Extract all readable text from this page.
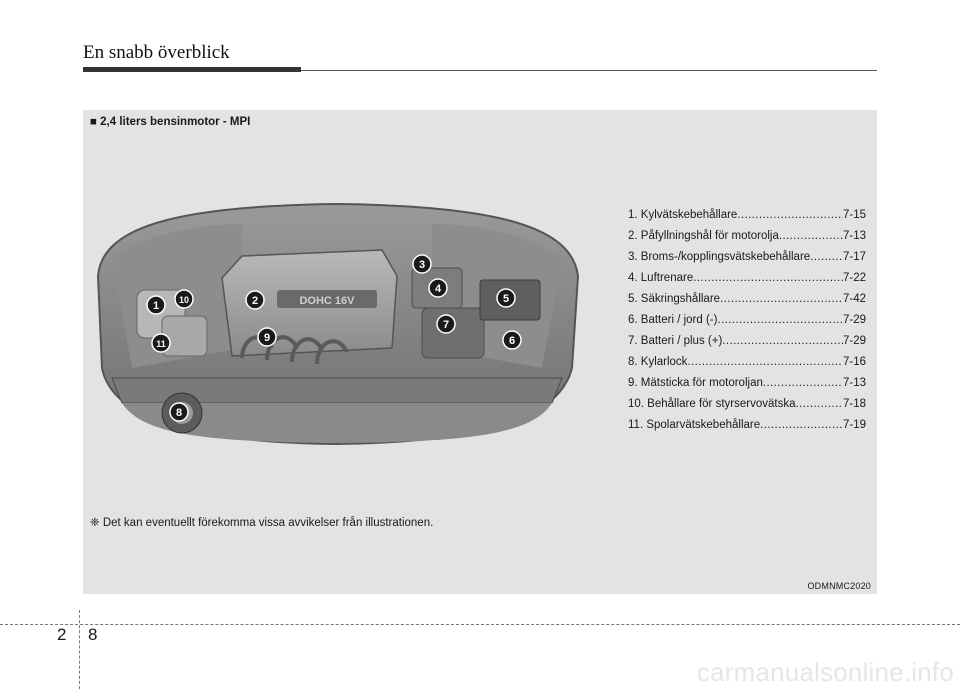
En snabb överblick
■ 2,4 liters bensinmotor - MPI
DOHC 16V
1	2
3
4
5
6
7
8
9
10
11
1. Kylvätskebehållare .....	7-15
2. Påfyllningshål för motorolja .....	7-13
3. Broms-/kopplingsvätskebehållare .....	7-17
4. Luftrenare .....	7-22
5. Säkringshållare .....	7-42
6. Batteri / jord (-) .....	7-29
7. Batteri / plus (+) .....	7-29
8. Kylarlock .....	7-16
9. Mätsticka för motoroljan .....	7-13
10. Behållare för styrservovätska .....	7-18
11. Spolarvätskebehållare .....	7-19
❈ Det kan eventuellt förekomma vissa avvikelser från illustrationen.
ODMNMC2020
2 8
carmanualsonline.info
